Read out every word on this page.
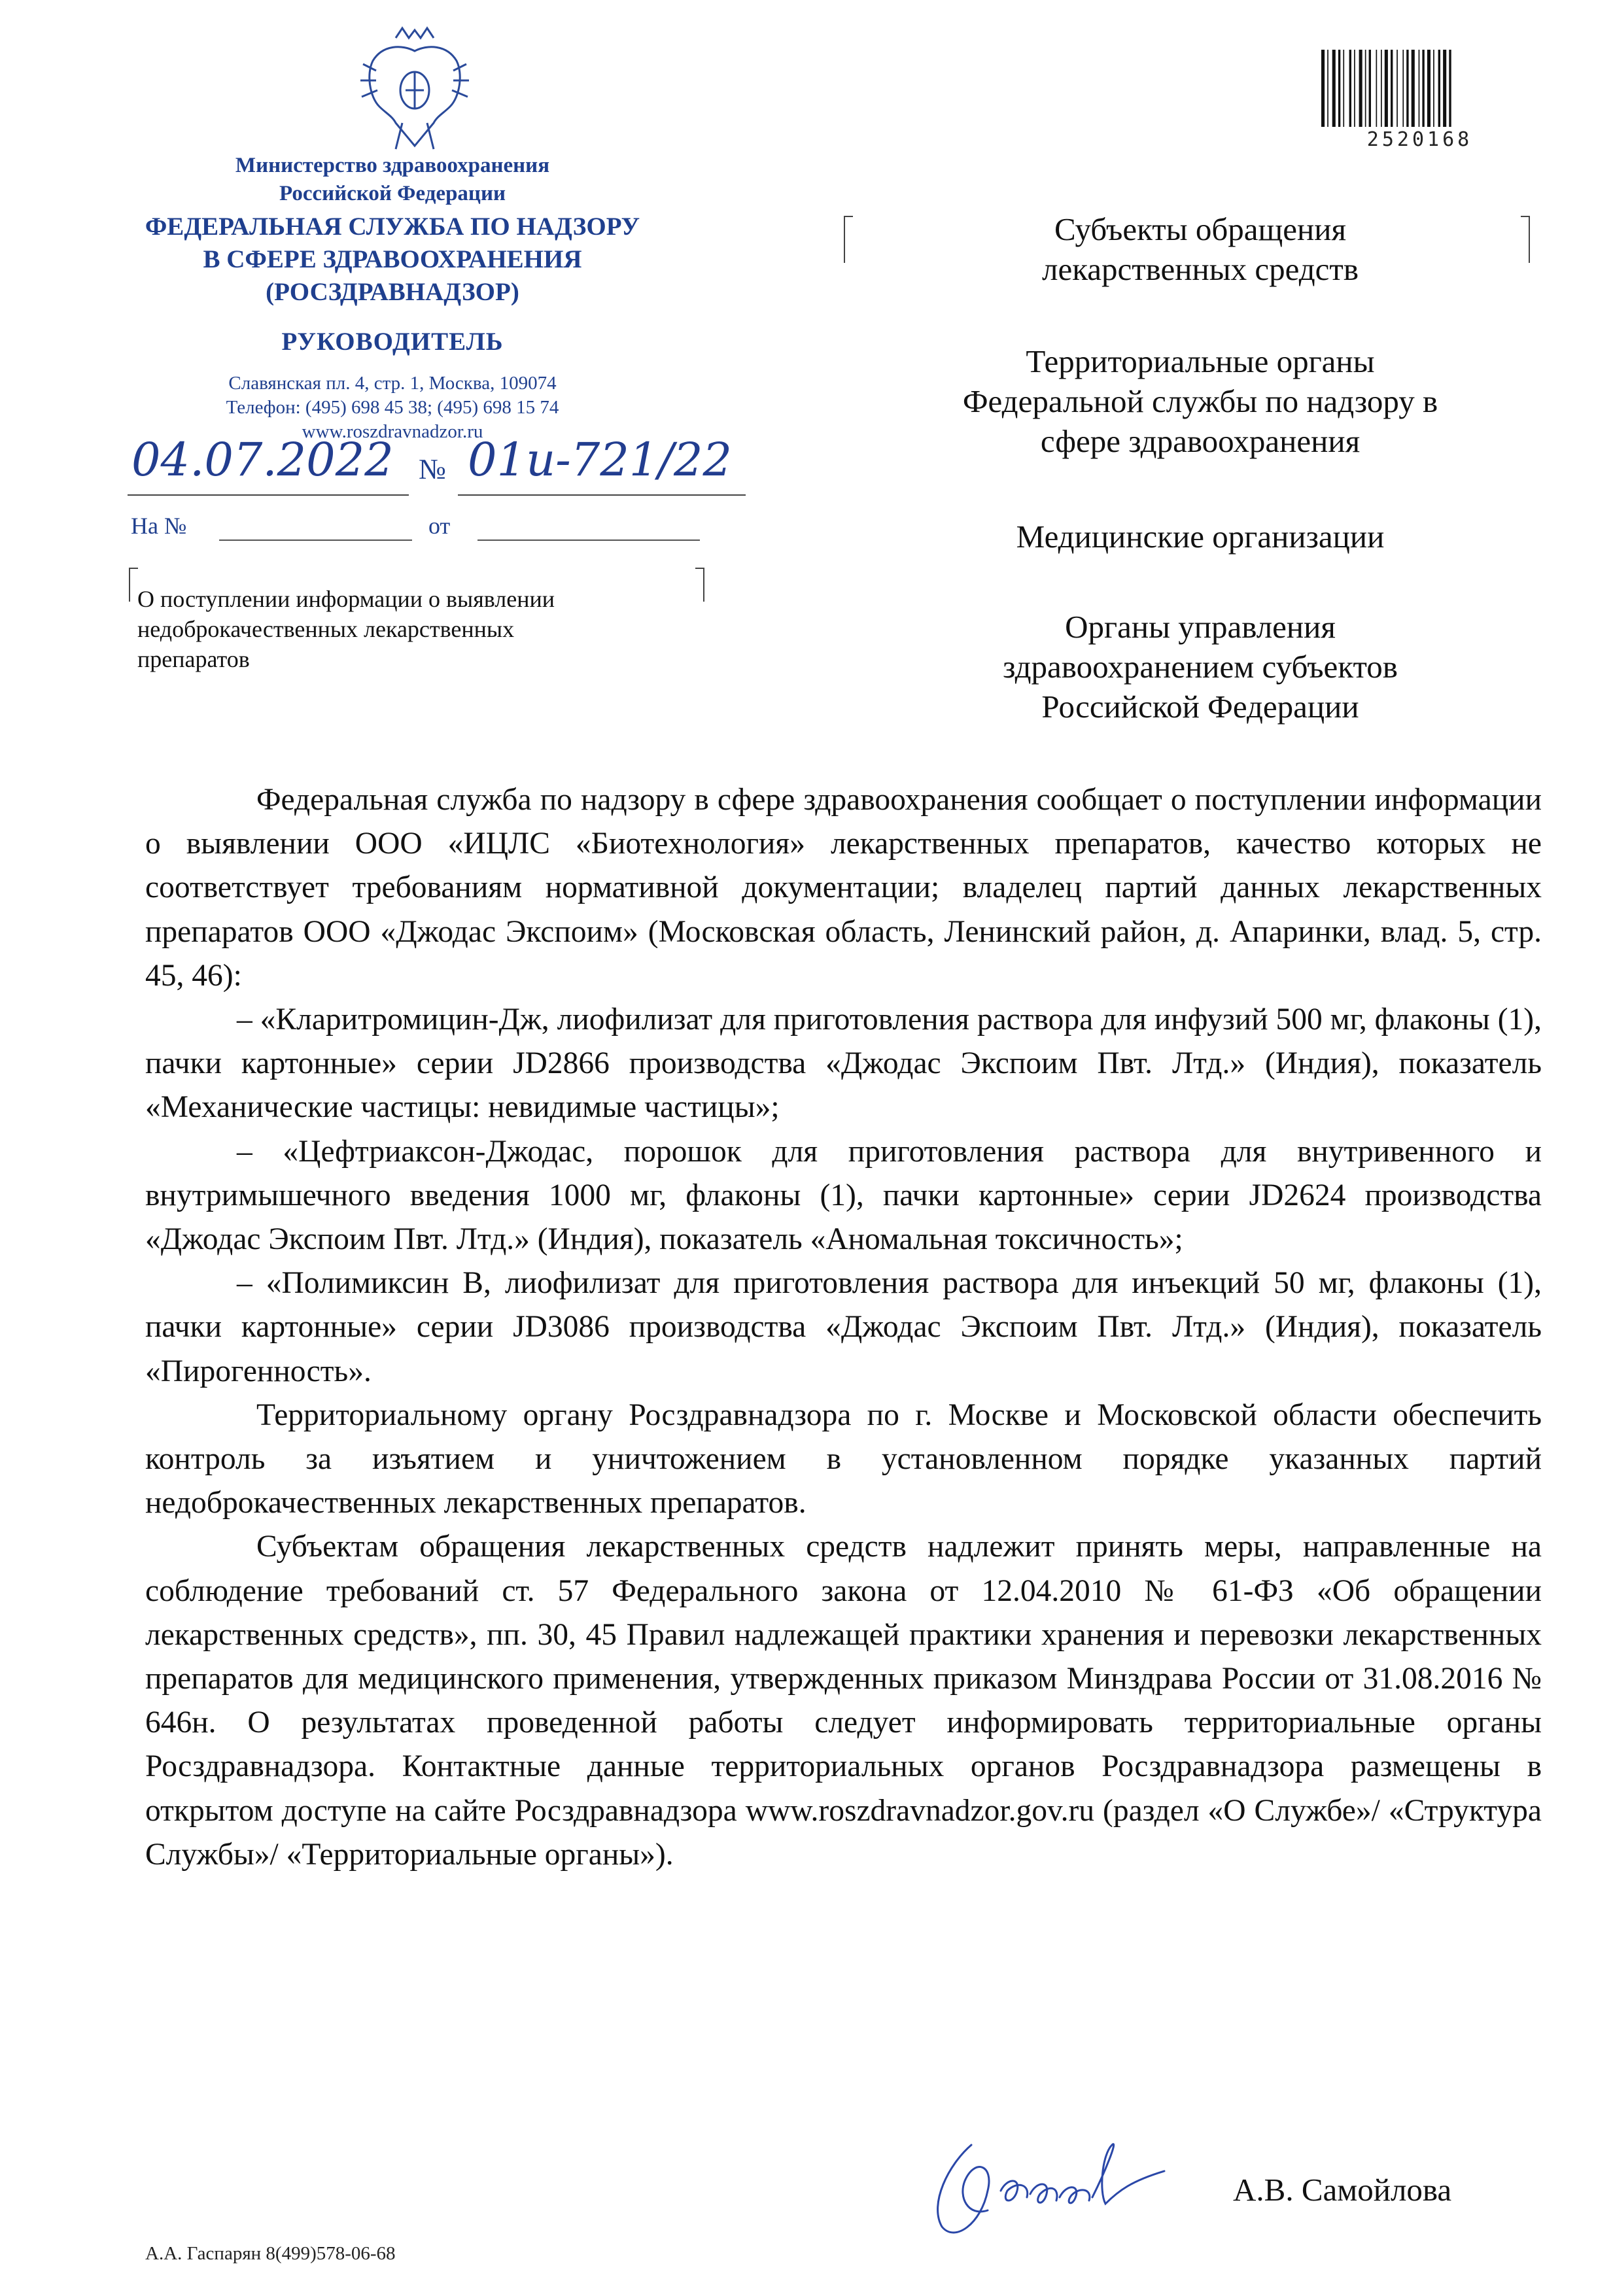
Министерство здравоохранения
Российской Федерации
ФЕДЕРАЛЬНАЯ СЛУЖБА ПО НАДЗОРУ
В СФЕРЕ ЗДРАВООХРАНЕНИЯ
(РОСЗДРАВНАДЗОР)
РУКОВОДИТЕЛЬ
Славянская пл. 4, стр. 1, Москва, 109074
Телефон: (495) 698 45 38; (495) 698 15 74
www.roszdravnadzor.ru
04.07.2022 № 01и-721/22
На №	от
О поступлении информации о выявлении
недоброкачественных лекарственных
препаратов
2520168
Субъекты обращения
лекарственных средств
Территориальные органы
Федеральной службы по надзору в
сфере здравоохранения
Медицинские организации
Органы управления
здравоохранением субъектов
Российской Федерации

Федеральная служба по надзору в сфере здравоохранения сообщает о поступлении информации о выявлении ООО «ИЦЛС «Биотехнология» лекарственных препаратов, качество которых не соответствует требованиям нормативной документации; владелец партий данных лекарственных препаратов ООО «Джодас Экспоим» (Московская область, Ленинский район, д. Апаринки, влад. 5, стр. 45, 46):

– «Кларитромицин-Дж, лиофилизат для приготовления раствора для инфузий 500 мг, флаконы (1), пачки картонные» серии JD2866 производства «Джодас Экспоим Пвт. Лтд.» (Индия), показатель «Механические частицы: невидимые частицы»;

– «Цефтриаксон-Джодас, порошок для приготовления раствора для внутривенного и внутримышечного введения 1000 мг, флаконы (1), пачки картонные» серии JD2624 производства «Джодас Экспоим Пвт. Лтд.» (Индия), показатель «Аномальная токсичность»;

– «Полимиксин В, лиофилизат для приготовления раствора для инъекций 50 мг, флаконы (1), пачки картонные» серии JD3086 производства «Джодас Экспоим Пвт. Лтд.» (Индия), показатель «Пирогенность».

Территориальному органу Росздравнадзора по г. Москве и Московской области обеспечить контроль за изъятием и уничтожением в установленном порядке указанных партий недоброкачественных лекарственных препаратов.

Субъектам обращения лекарственных средств надлежит принять меры, направленные на соблюдение требований ст. 57 Федерального закона от 12.04.2010 № 61-ФЗ «Об обращении лекарственных средств», пп. 30, 45 Правил надлежащей практики хранения и перевозки лекарственных препаратов для медицинского применения, утвержденных приказом Минздрава России от 31.08.2016 № 646н. О результатах проведенной работы следует информировать территориальные органы Росздравнадзора. Контактные данные территориальных органов Росздравнадзора размещены в открытом доступе на сайте Росздравнадзора www.roszdravnadzor.gov.ru (раздел «О Службе»/ «Структура Службы»/ «Территориальные органы»).

А.В. Самойлова
А.А. Гаспарян 8(499)578-06-68
